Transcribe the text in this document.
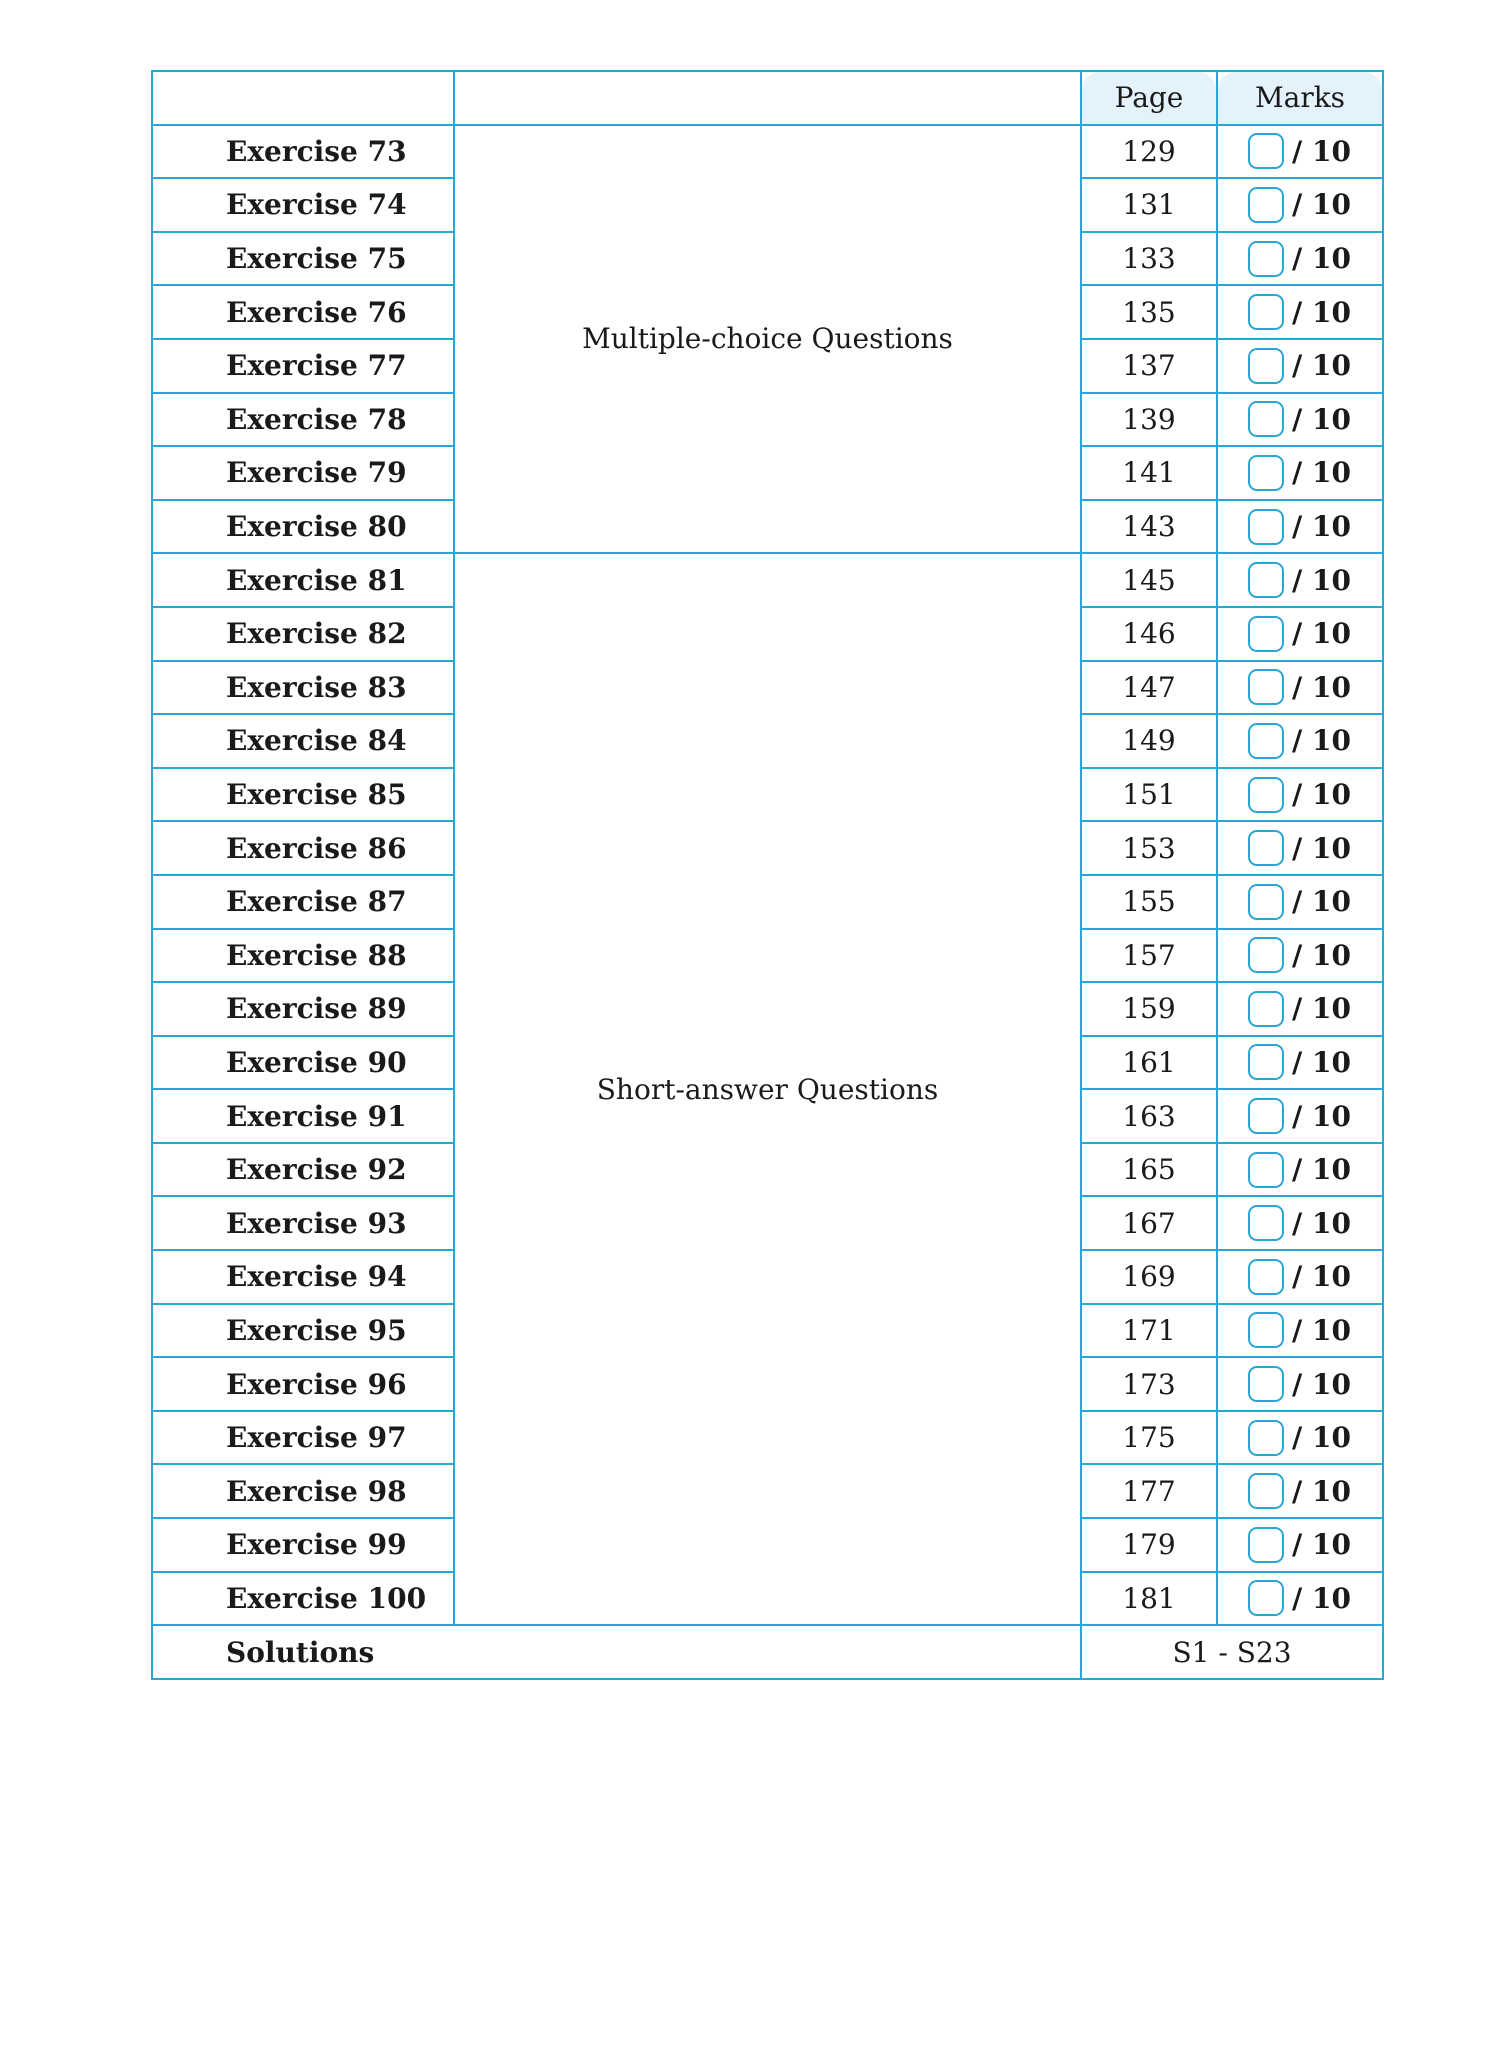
		Page	Marks
Exercise 73	Multiple-choice Questions	129	/ 10

Exercise 74		131	/ 10

Exercise 75		133	/ 10

Exercise 76		135	/ 10

Exercise 77		137	/ 10

Exercise 78		139	/ 10

Exercise 79		141	/ 10

Exercise 80		143	/ 10

Exercise 81	Short-answer Questions	145	/ 10

Exercise 82		146	/ 10

Exercise 83		147	/ 10

Exercise 84		149	/ 10

Exercise 85		151	/ 10

Exercise 86		153	/ 10

Exercise 87		155	/ 10

Exercise 88		157	/ 10

Exercise 89		159	/ 10

Exercise 90		161	/ 10

Exercise 91		163	/ 10

Exercise 92		165	/ 10

Exercise 93		167	/ 10

Exercise 94		169	/ 10

Exercise 95		171	/ 10

Exercise 96		173	/ 10

Exercise 97		175	/ 10

Exercise 98		177	/ 10

Exercise 99		179	/ 10

Exercise 100		181	/ 10

Solutions		S1 - S23	
